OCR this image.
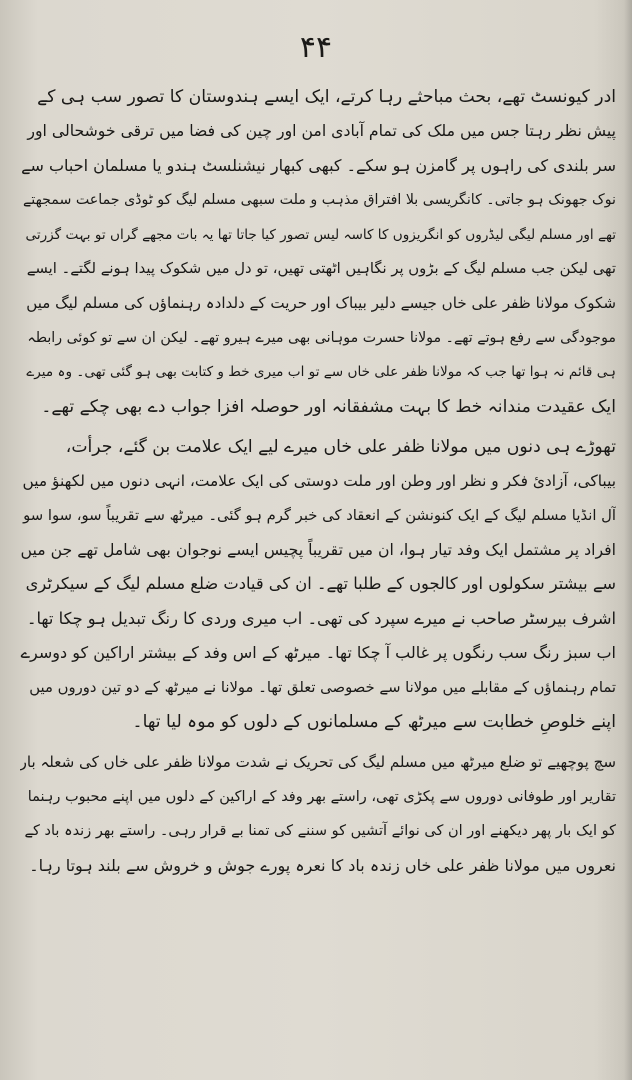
۴۴
ادر کیونسٹ تھے، بحث مباحثے رہا کرتے، ایک ایسے ہندوستان کا تصور سب ہی کے
پیش نظر رہتا جس میں ملک کی تمام آبادی امن اور چین کی فضا میں ترقی خوشحالی اور
سر بلندی کی راہوں پر گامزن ہو سکے۔ کبھی کبھار نیشنلسٹ ہندو یا مسلمان احباب سے
نوک جھونک ہو جاتی۔ کانگریسی بلا افتراق مذہب و ملت سبھی مسلم لیگ کو ٹوڈی جماعت سمجھتے
تھے اور مسلم لیگی لیڈروں کو انگریزوں کا کاسہ لیس تصور کیا جاتا تھا یہ بات مجھے گراں تو بہت گزرتی
تھی لیکن جب مسلم لیگ کے بڑوں پر نگاہیں اٹھتی تھیں، تو دل میں شکوک پیدا ہونے لگتے۔ ایسے
شکوک مولانا ظفر علی خاں جیسے دلیر بیباک اور حریت کے دلدادہ رہنماؤں کی مسلم لیگ میں
موجودگی سے رفع ہوتے تھے۔ مولانا حسرت موہانی بھی میرے ہیرو تھے۔ لیکن ان سے تو کوئی رابطہ
ہی قائم نہ ہوا تھا جب کہ مولانا ظفر علی خاں سے تو اب میری خط و کتابت بھی ہو گئی تھی۔ وہ میرے
ایک عقیدت مندانہ خط کا بہت مشفقانہ اور حوصلہ افزا جواب دے بھی چکے تھے۔
تھوڑے ہی دنوں میں مولانا ظفر علی خاں میرے لیے ایک علامت بن گئے، جرأت،
بیباکی، آزادئ فکر و نظر اور وطن اور ملت دوستی کی ایک علامت، انہی دنوں میں لکھنؤ میں
آل انڈیا مسلم لیگ کے ایک کنونشن کے انعقاد کی خبر گرم ہو گئی۔ میرٹھ سے تقریباً سو، سوا سو
افراد پر مشتمل ایک وفد تیار ہوا، ان میں تقریباً پچیس ایسے نوجوان بھی شامل تھے جن میں
سے بیشتر سکولوں اور کالجوں کے طلبا تھے۔ ان کی قیادت ضلع مسلم لیگ کے سیکرٹری
اشرف بیرسٹر صاحب نے میرے سپرد کی تھی۔ اب میری وردی کا رنگ تبدیل ہو چکا تھا۔
اب سبز رنگ سب رنگوں پر غالب آ چکا تھا۔ میرٹھ کے اس وفد کے بیشتر اراکین کو دوسرے
تمام رہنماؤں کے مقابلے میں مولانا سے خصوصی تعلق تھا۔ مولانا نے میرٹھ کے دو تین دوروں میں
اپنے خلوصِ خطابت سے میرٹھ کے مسلمانوں کے دلوں کو موہ لیا تھا۔
سچ پوچھیے تو ضلع میرٹھ میں مسلم لیگ کی تحریک نے شدت مولانا ظفر علی خاں کی شعلہ بار
تقاریر اور طوفانی دوروں سے پکڑی تھی، راستے بھر وفد کے اراکین کے دلوں میں اپنے محبوب رہنما
کو ایک بار پھر دیکھنے اور ان کی نوائے آتشیں کو سننے کی تمنا بے قرار رہی۔ راستے بھر زندہ باد کے
نعروں میں مولانا ظفر علی خاں زندہ باد کا نعرہ پورے جوش و خروش سے بلند ہوتا رہا۔
